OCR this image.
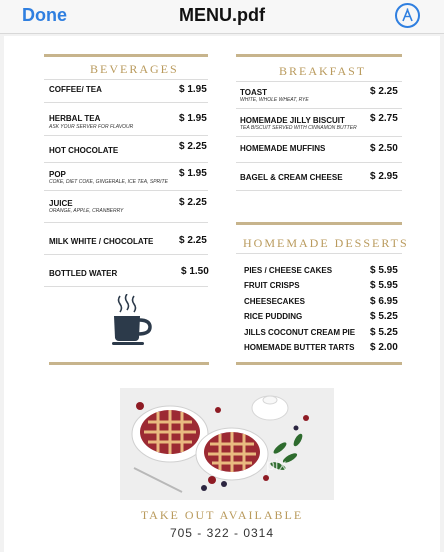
Done	MENU.pdf
BEVERAGES
COFFEE/ TEA	$ 1.95
HERBAL TEA
ASK YOUR SERVER FOR FLAVOUR
$ 1.95
HOT CHOCOLATE	$ 2.25
POP
COKE, DIET COKE, GINGERALE, ICE TEA, SPRITE
$ 1.95
JUICE
ORANGE, APPLE, CRANBERRY
$ 2.25
MILK WHITE / CHOCOLATE	$ 2.25
BOTTLED WATER	$ 1.50
BREAKFAST
TOAST
WHITE, WHOLE WHEAT, RYE
$ 2.25
HOMEMADE JILLY BISCUIT
TEA BISCUIT SERVED WITH CINNAMON BUTTER
$ 2.75
HOMEMADE MUFFINS	$ 2.50
BAGEL & CREAM CHEESE	$ 2.95
HOMEMADE DESSERTS
PIES / CHEESE CAKES	$ 5.95
FRUIT CRISPS	$ 5.95
CHEESECAKES	$ 6.95
RICE PUDDING	$ 5.25
JILLS COCONUT CREAM PIE $ 5.25
HOMEMADE BUTTER TARTS $ 2.00
pix
TAKE OUT AVAILABLE
705 - 322 - 0314
